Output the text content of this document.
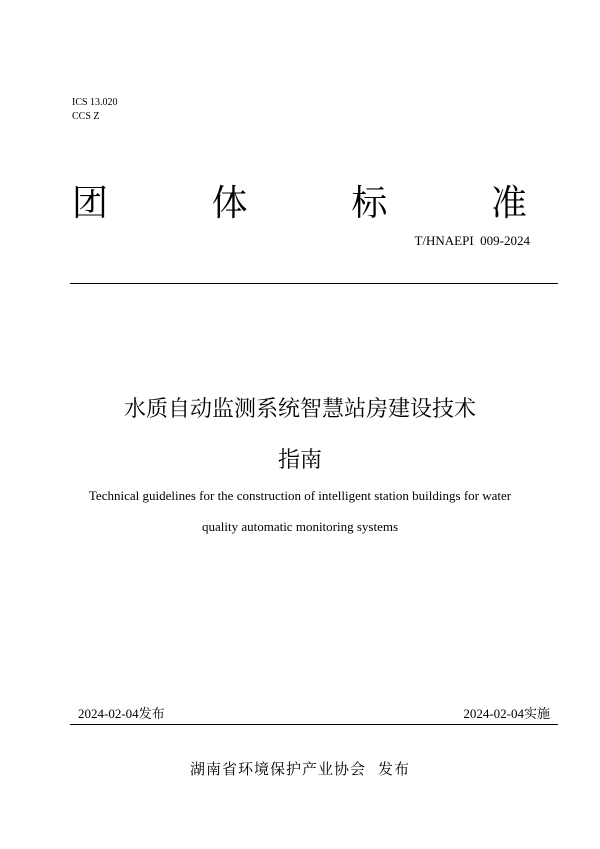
ICS 13.020
CCS Z
团	体	标	准
T/HNAEPI  009-2024
水质自动监测系统智慧站房建设技术
指南
Technical guidelines for the construction of intelligent station buildings for water
quality automatic monitoring systems
2024-02-04发布	2024-02-04实施
湖南省环境保护产业协会 发布
